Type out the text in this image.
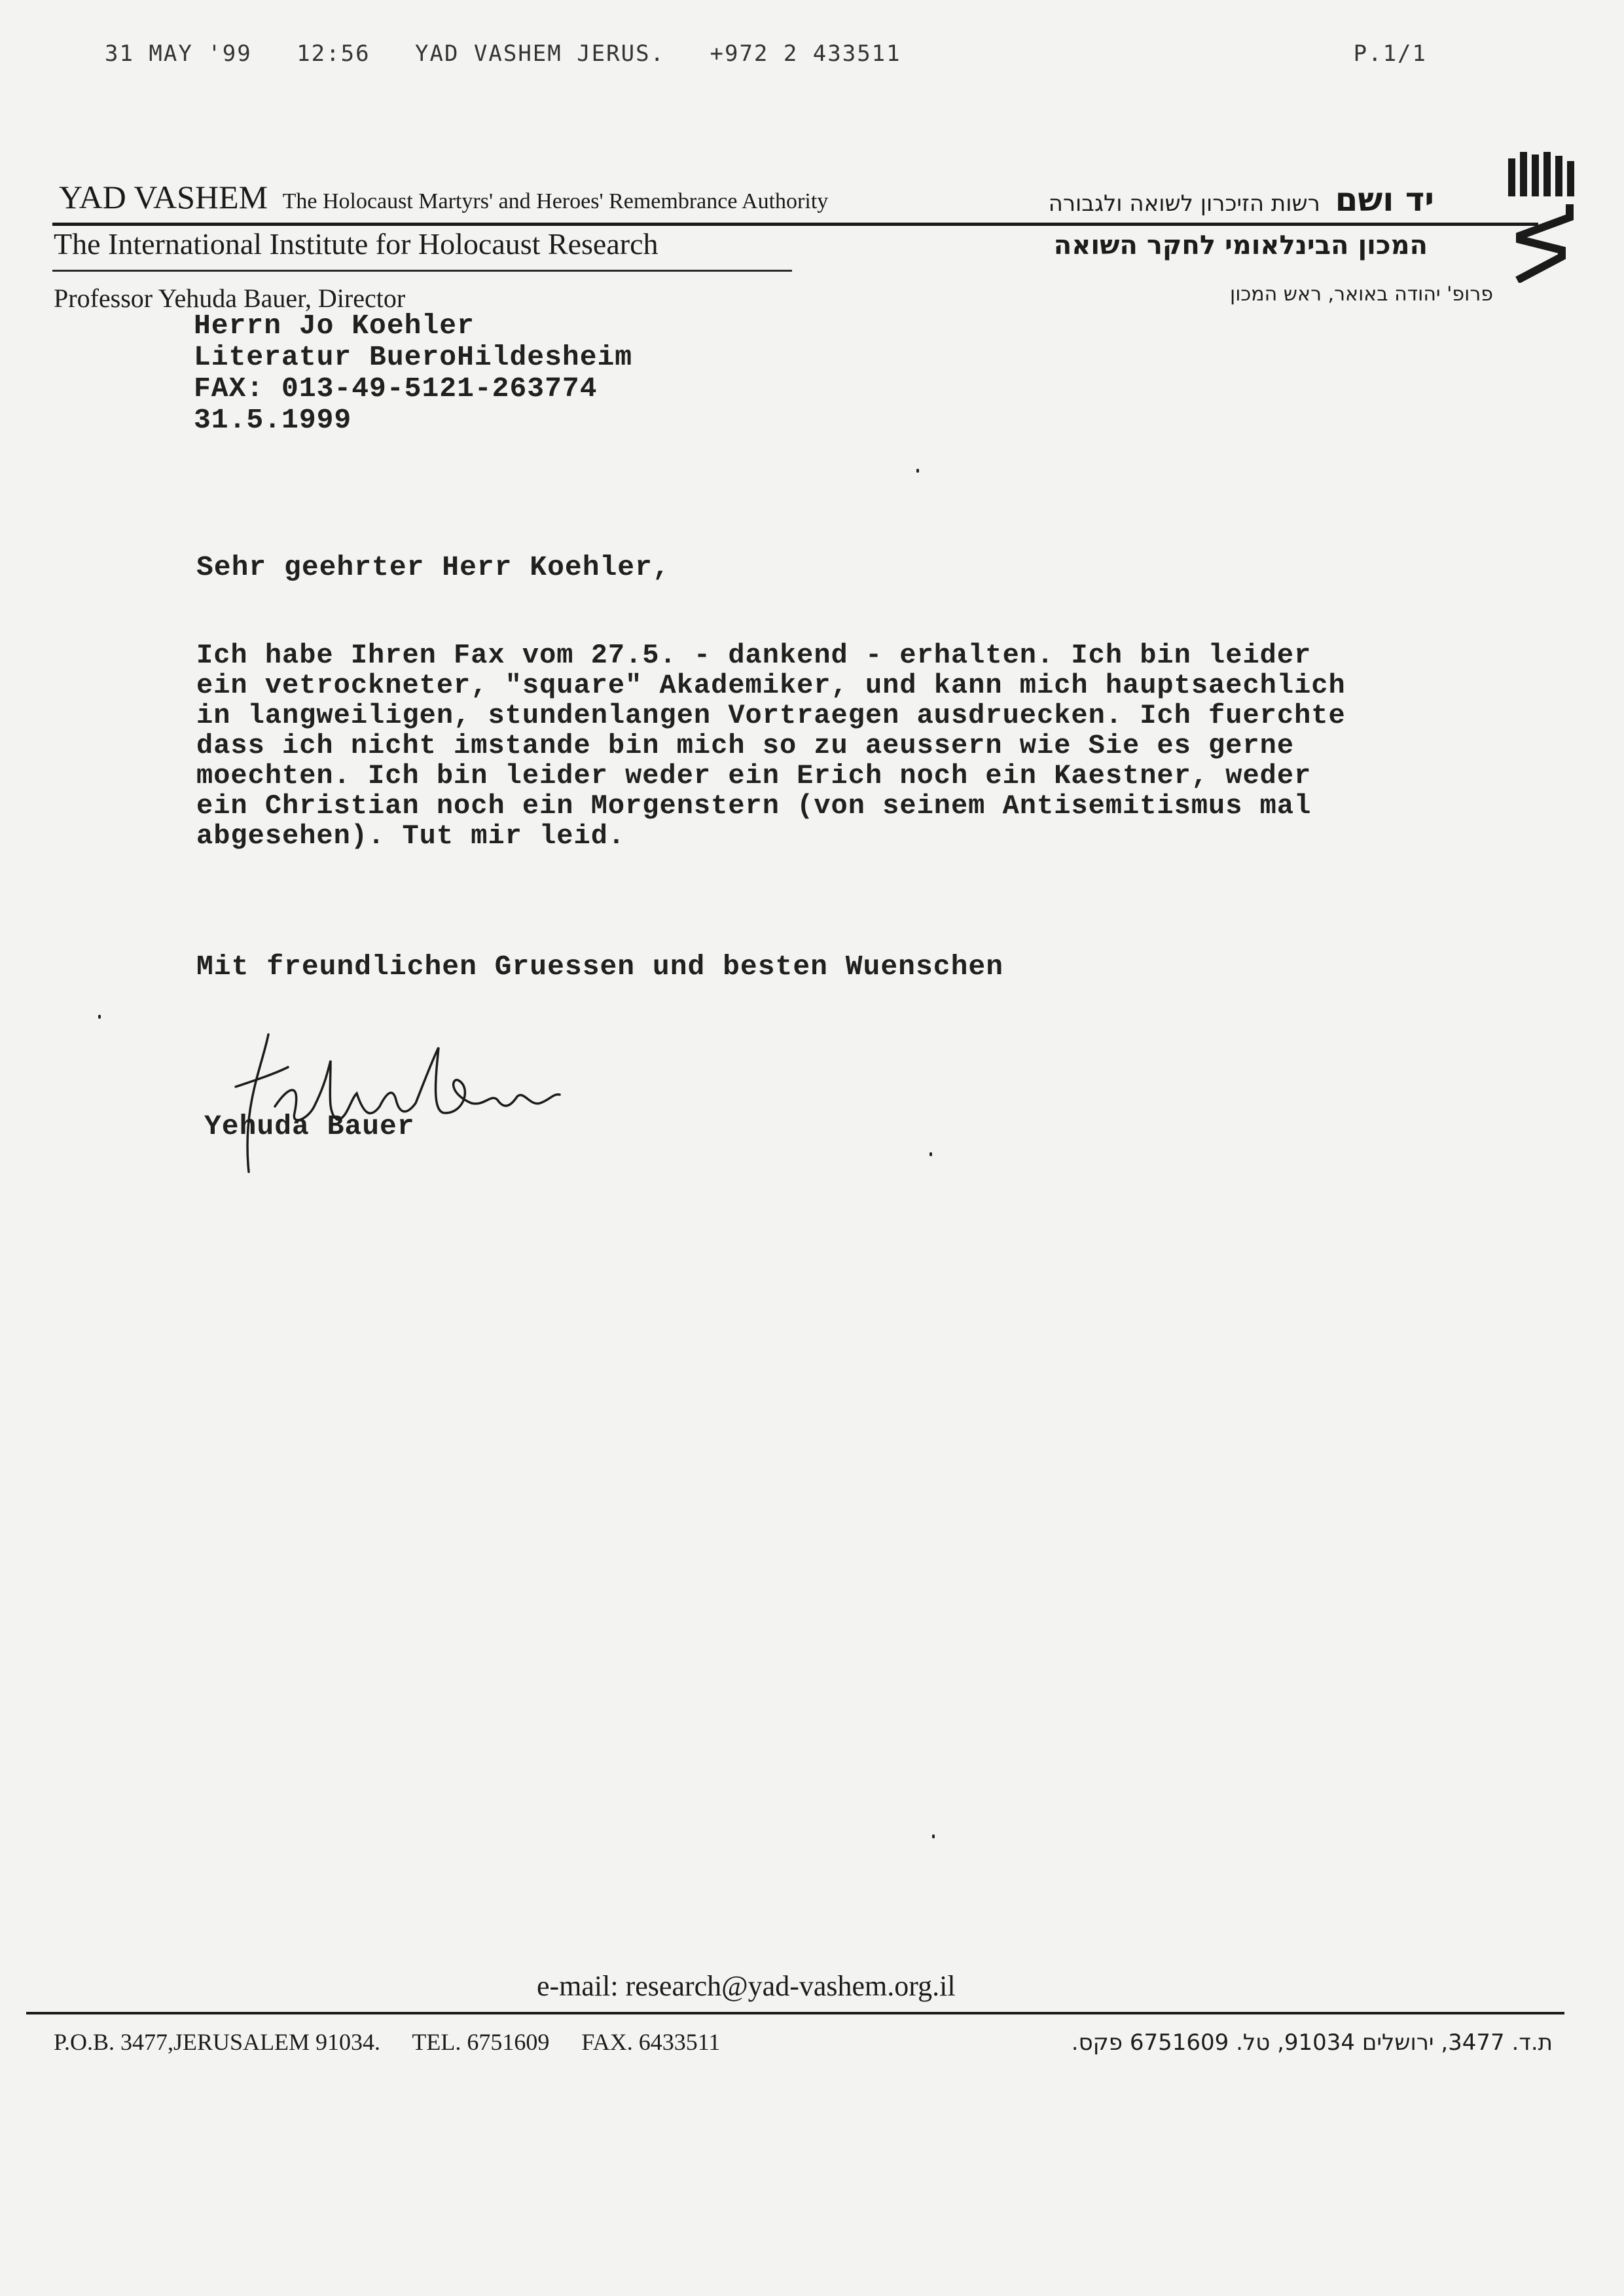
31 MAY '99 12:56 YAD VASHEM JERUS. +972 2 433511	P.1/1
YAD VASHEM The Holocaust Martyrs' and Heroes' Remembrance Authority	יד ושם רשות הזיכרון לשואה ולגבורה
The International Institute for Holocaust Research	המכון הבינלאומי לחקר השואה
Professor Yehuda Bauer, Director	פרופ' יהודה באואר, ראש המכון
Herrn Jo Koehler
Literatur BueroHildesheim
FAX: 013-49-5121-263774
31.5.1999
Sehr geehrter Herr Koehler,
Ich habe Ihren Fax vom 27.5. - dankend - erhalten. Ich bin leider
ein vetrockneter, "square" Akademiker, und kann mich hauptsaechlich
in langweiligen, stundenlangen Vortraegen ausdruecken. Ich fuerchte
dass ich nicht imstande bin mich so zu aeussern wie Sie es gerne
moechten. Ich bin leider weder ein Erich noch ein Kaestner, weder
ein Christian noch ein Morgenstern (von seinem Antisemitismus mal
abgesehen). Tut mir leid.
Mit freundlichen Gruessen und besten Wuenschen
Yehuda Bauer
e-mail: research@yad-vashem.org.il
P.O.B. 3477,JERUSALEM 91034. TEL. 6751609 FAX. 6433511	ת.ד. 3477, ירושלים 91034, טל. 6751609 פקס.
